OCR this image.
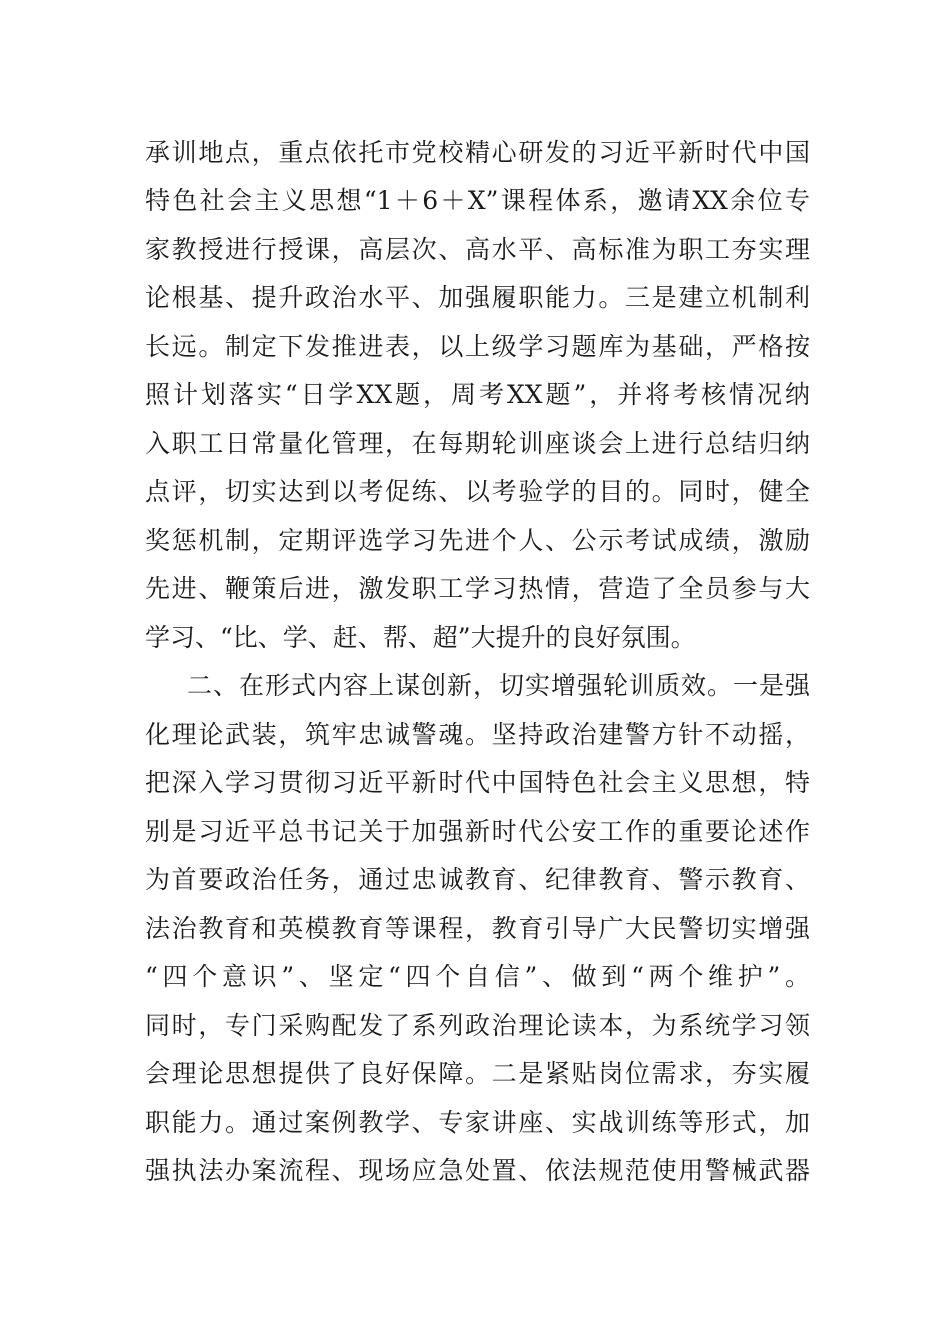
承训地点，重点依托市党校精心研发的习近平新时代中国
特色社会主义思想“1＋6＋X”课程体系，邀请XX余位专
家教授进行授课，高层次、高水平、高标准为职工夯实理
论根基、提升政治水平、加强履职能力。三是建立机制利
长远。制定下发推进表，以上级学习题库为基础，严格按
照计划落实“日学XX题，周考XX题”，并将考核情况纳
入职工日常量化管理，在每期轮训座谈会上进行总结归纳
点评，切实达到以考促练、以考验学的目的。同时，健全
奖惩机制，定期评选学习先进个人、公示考试成绩，激励
先进、鞭策后进，激发职工学习热情，营造了全员参与大
学习、“比、学、赶、帮、超”大提升的良好氛围。
二、在形式内容上谋创新，切实增强轮训质效。一是强
化理论武装，筑牢忠诚警魂。坚持政治建警方针不动摇，
把深入学习贯彻习近平新时代中国特色社会主义思想，特
别是习近平总书记关于加强新时代公安工作的重要论述作
为首要政治任务，通过忠诚教育、纪律教育、警示教育、
法治教育和英模教育等课程，教育引导广大民警切实增强
“四个意识”、坚定“四个自信”、做到“两个维护”。
同时，专门采购配发了系列政治理论读本，为系统学习领
会理论思想提供了良好保障。二是紧贴岗位需求，夯实履
职能力。通过案例教学、专家讲座、实战训练等形式，加
强执法办案流程、现场应急处置、依法规范使用警械武器
